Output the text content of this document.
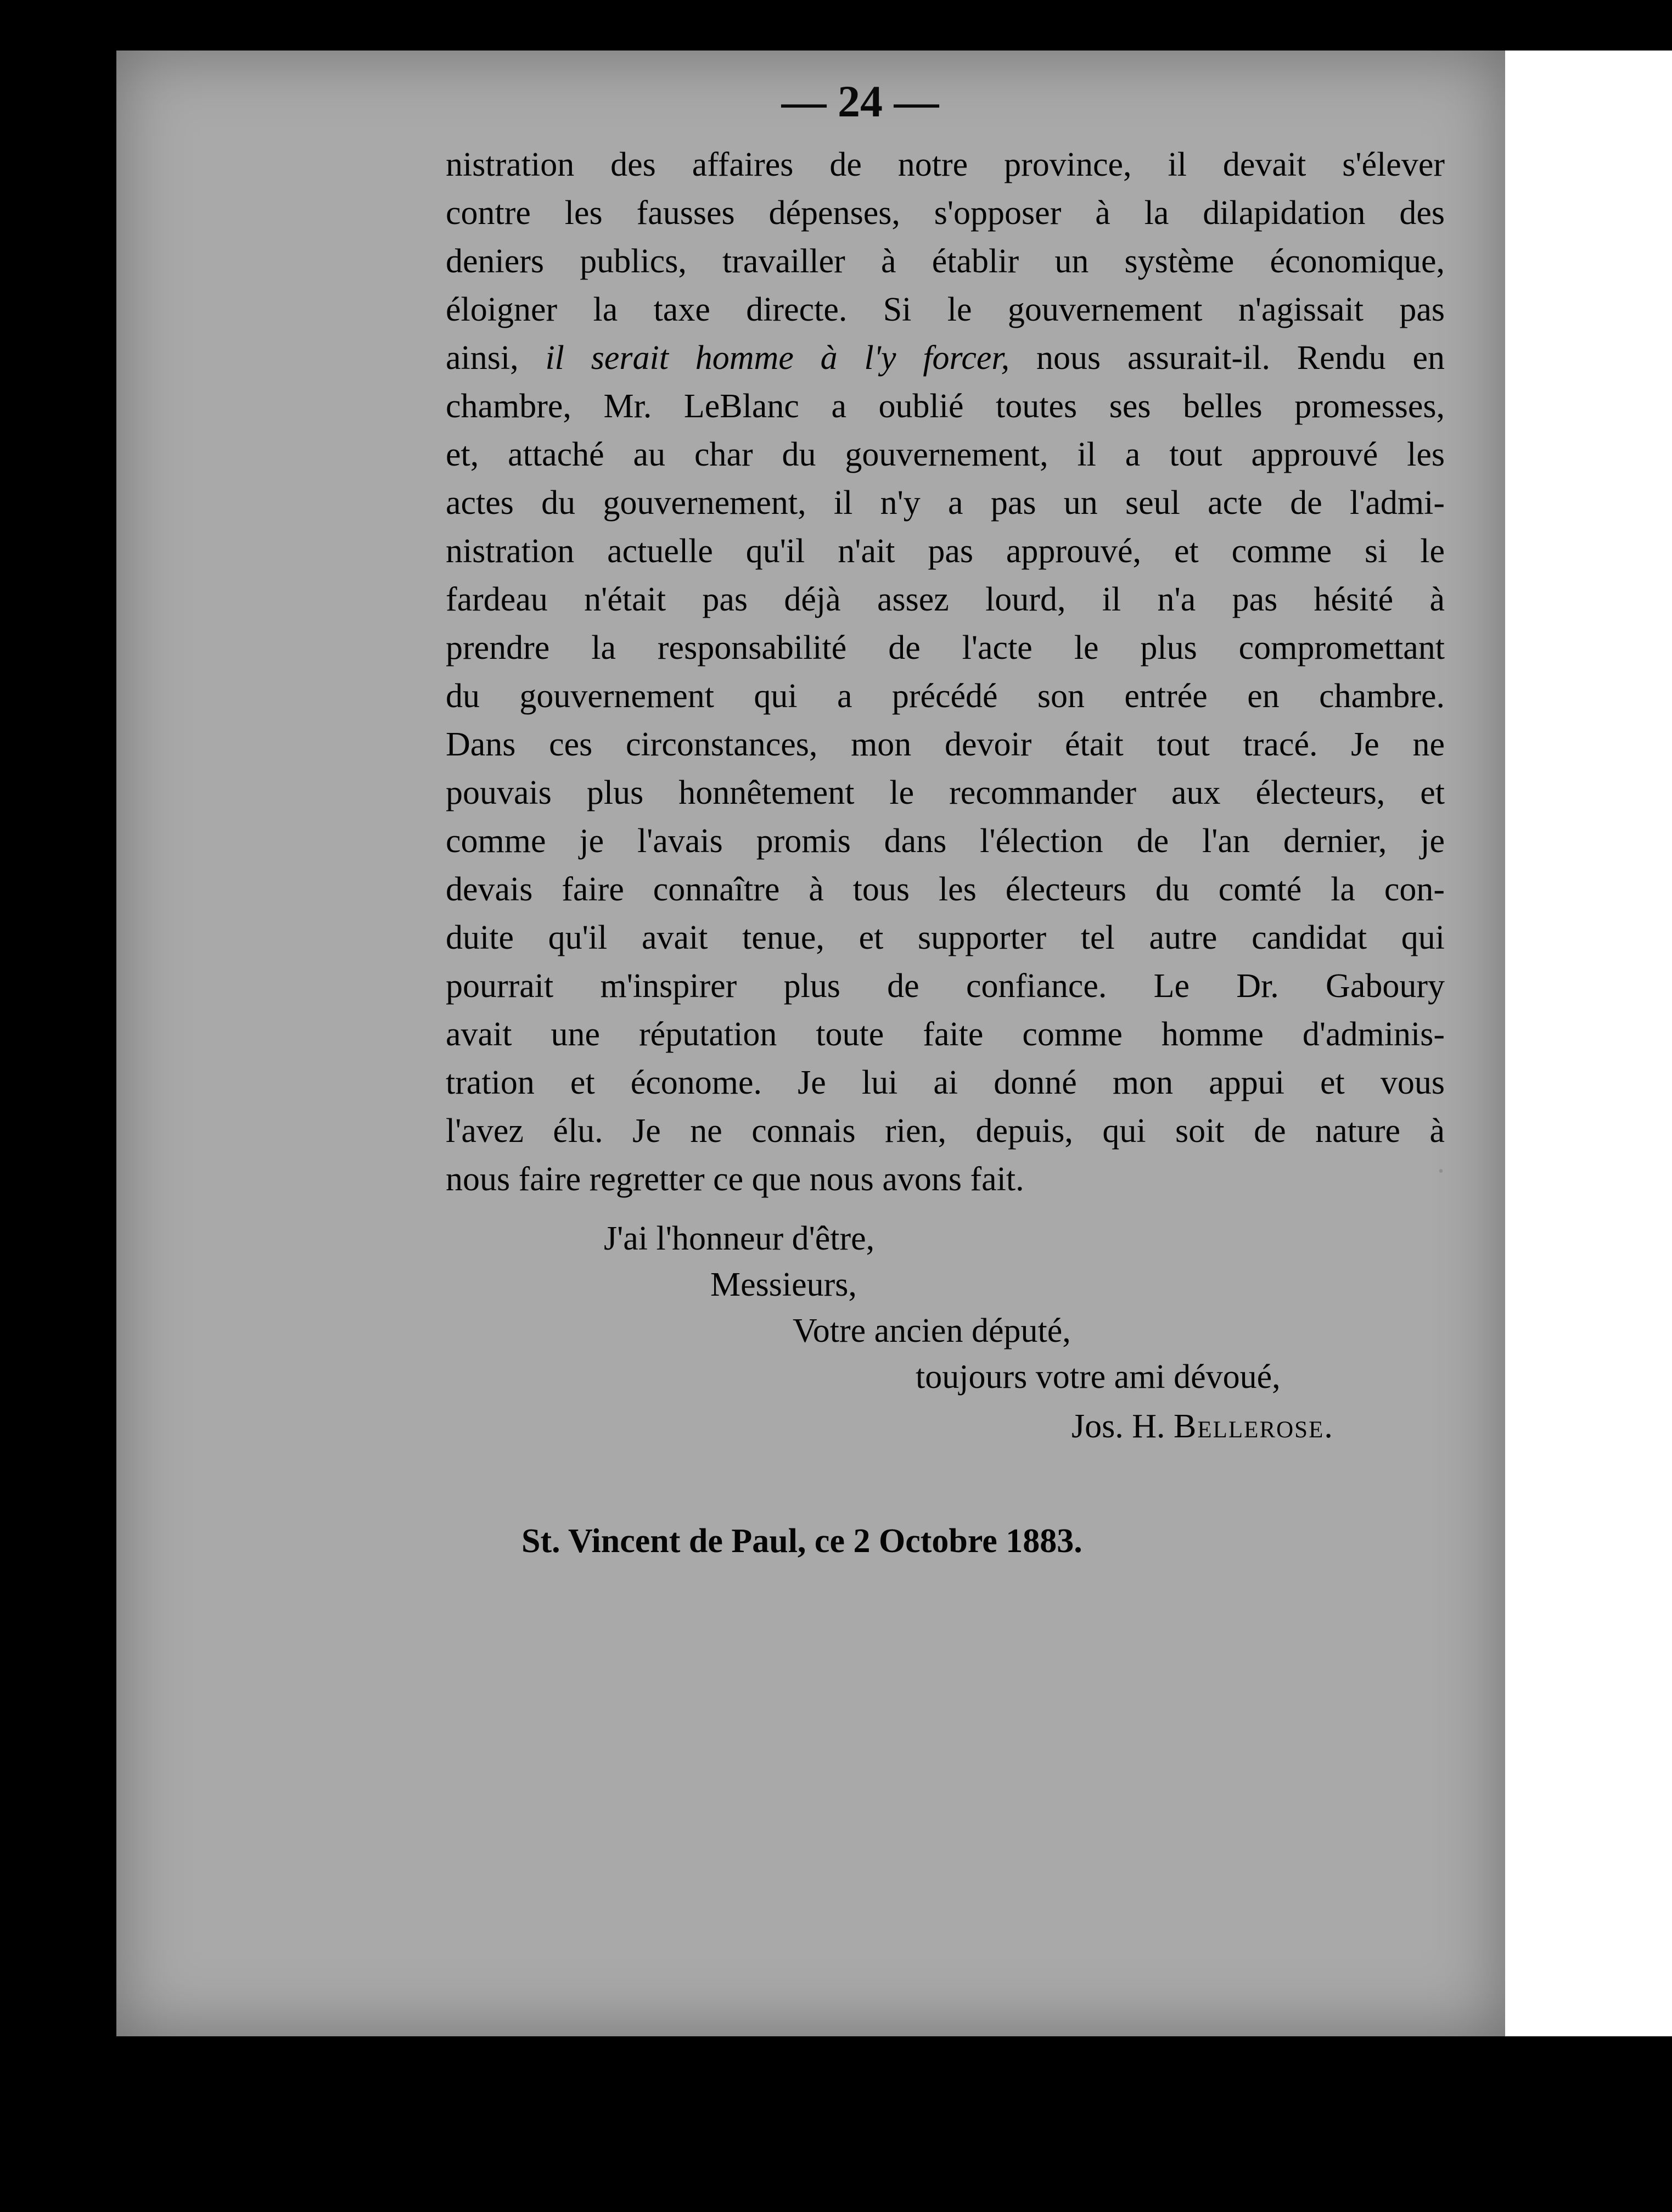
.
— 24 —
nistration des affaires de notre province, il devait s'élever
contre les fausses dépenses, s'opposer à la dilapidation des
deniers publics, travailler à établir un système économique,
éloigner la taxe directe. Si le gouvernement n'agissait pas
ainsi, il serait homme à l'y forcer, nous assurait-il. Rendu en
chambre, Mr. LeBlanc a oublié toutes ses belles promesses,
et, attaché au char du gouvernement, il a tout approuvé les
actes du gouvernement, il n'y a pas un seul acte de l'admi-
nistration actuelle qu'il n'ait pas approuvé, et comme si le
fardeau n'était pas déjà assez lourd, il n'a pas hésité à
prendre la responsabilité de l'acte le plus compromettant
du gouvernement qui a précédé son entrée en chambre.
Dans ces circonstances, mon devoir était tout tracé. Je ne
pouvais plus honnêtement le recommander aux électeurs, et
comme je l'avais promis dans l'élection de l'an dernier, je
devais faire connaître à tous les électeurs du comté la con-
duite qu'il avait tenue, et supporter tel autre candidat qui
pourrait m'inspirer plus de confiance. Le Dr. Gaboury
avait une réputation toute faite comme homme d'adminis-
tration et économe. Je lui ai donné mon appui et vous
l'avez élu. Je ne connais rien, depuis, qui soit de nature à
nous faire regretter ce que nous avons fait.
J'ai l'honneur d'être,
Messieurs,
Votre ancien député,
toujours votre ami dévoué,
Jos. H. Bellerose.
St. Vincent de Paul, ce 2 Octobre 1883.
